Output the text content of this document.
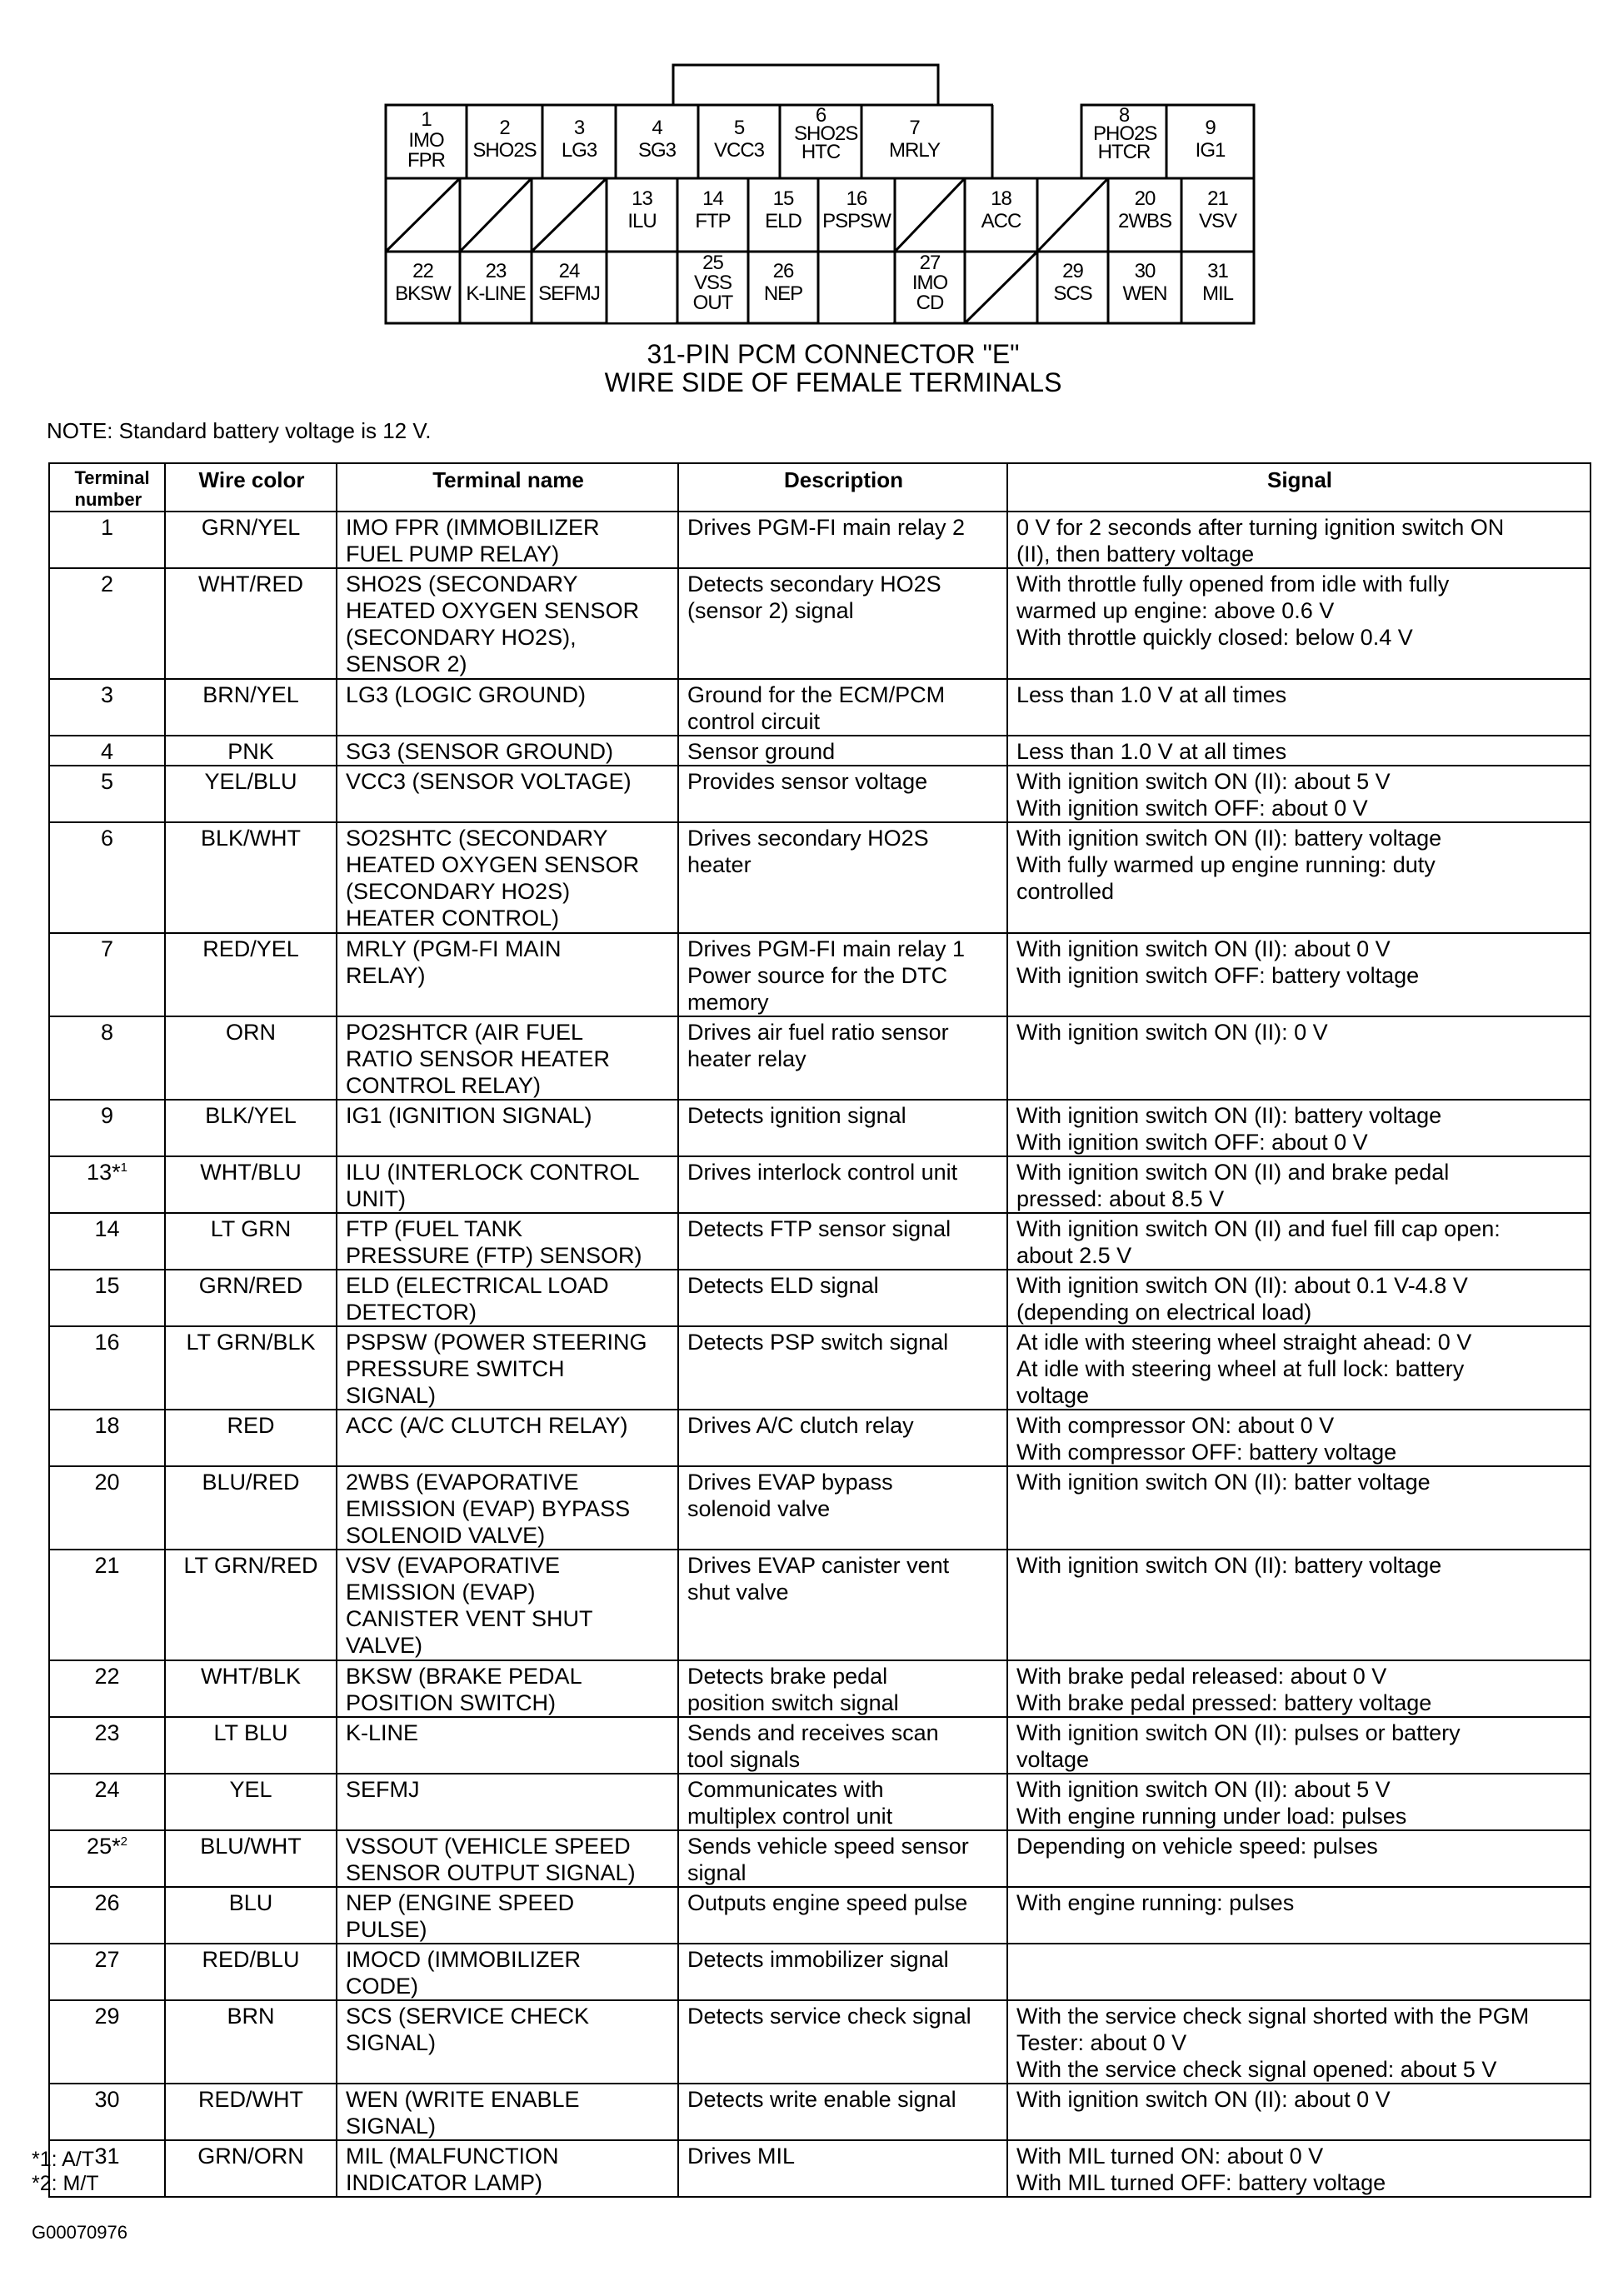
1
IMO FPR
2
SHO2S
3
LG3
4
SG3
5
VCC3
6
SHO2S HTC
7
MRLY
8
PHO2S HTCR
9
IG1
13
ILU
14
FTP
15
ELD
16
PSPSW
18
ACC
20
2WBS
21
VSV
22
BKSW
23
K-LINE
24
SEFMJ
25
VSS OUT
26
NEP
27
IMO CD
29
SCS
30
WEN
31
MIL
31-PIN PCM CONNECTOR "E"
WIRE SIDE OF FEMALE TERMINALS
NOTE: Standard battery voltage is 12 V.
Terminal number	Wire color	Terminal name	Description	Signal
1	GRN/YEL	IMO FPR (IMMOBILIZER
FUEL PUMP RELAY)	Drives PGM-FI main relay 2	0 V for 2 seconds after turning ignition switch ON
(II), then battery voltage

2	WHT/RED	SHO2S (SECONDARY
HEATED OXYGEN SENSOR
(SECONDARY HO2S),
SENSOR 2)	Detects secondary HO2S
(sensor 2) signal	With throttle fully opened from idle with fully
warmed up engine: above 0.6 V
With throttle quickly closed: below 0.4 V

3	BRN/YEL	LG3 (LOGIC GROUND)	Ground for the ECM/PCM
control circuit	Less than 1.0 V at all times

4	PNK	SG3 (SENSOR GROUND)	Sensor ground	Less than 1.0 V at all times

5	YEL/BLU	VCC3 (SENSOR VOLTAGE)	Provides sensor voltage	With ignition switch ON (II): about 5 V
With ignition switch OFF: about 0 V

6	BLK/WHT	SO2SHTC (SECONDARY
HEATED OXYGEN SENSOR
(SECONDARY HO2S)
HEATER CONTROL)	Drives secondary HO2S
heater	With ignition switch ON (II): battery voltage
With fully warmed up engine running: duty
controlled

7	RED/YEL	MRLY (PGM-FI MAIN
RELAY)	Drives PGM-FI main relay 1
Power source for the DTC
memory	With ignition switch ON (II): about 0 V
With ignition switch OFF: battery voltage

8	ORN	PO2SHTCR (AIR FUEL
RATIO SENSOR HEATER
CONTROL RELAY)	Drives air fuel ratio sensor
heater relay	With ignition switch ON (II): 0 V

9	BLK/YEL	IG1 (IGNITION SIGNAL)	Detects ignition signal	With ignition switch ON (II): battery voltage
With ignition switch OFF: about 0 V

13*$^1$	WHT/BLU	ILU (INTERLOCK CONTROL
UNIT)	Drives interlock control unit	With ignition switch ON (II) and brake pedal
pressed: about 8.5 V

14	LT GRN	FTP (FUEL TANK
PRESSURE (FTP) SENSOR)	Detects FTP sensor signal	With ignition switch ON (II) and fuel fill cap open:
about 2.5 V

15	GRN/RED	ELD (ELECTRICAL LOAD
DETECTOR)	Detects ELD signal	With ignition switch ON (II): about 0.1 V-4.8 V
(depending on electrical load)

16	LT GRN/BLK	PSPSW (POWER STEERING
PRESSURE SWITCH
SIGNAL)	Detects PSP switch signal	At idle with steering wheel straight ahead: 0 V
At idle with steering wheel at full lock: battery
voltage

18	RED	ACC (A/C CLUTCH RELAY)	Drives A/C clutch relay	With compressor ON: about 0 V
With compressor OFF: battery voltage

20	BLU/RED	2WBS (EVAPORATIVE
EMISSION (EVAP) BYPASS
SOLENOID VALVE)	Drives EVAP bypass
solenoid valve	With ignition switch ON (II): batter voltage

21	LT GRN/RED	VSV (EVAPORATIVE
EMISSION (EVAP)
CANISTER VENT SHUT
VALVE)	Drives EVAP canister vent
shut valve	With ignition switch ON (II): battery voltage

22	WHT/BLK	BKSW (BRAKE PEDAL
POSITION SWITCH)	Detects brake pedal
position switch signal	With brake pedal released: about 0 V
With brake pedal pressed: battery voltage

23	LT BLU	K-LINE	Sends and receives scan
tool signals	With ignition switch ON (II): pulses or battery
voltage

24	YEL	SEFMJ	Communicates with
multiplex control unit	With ignition switch ON (II): about 5 V
With engine running under load: pulses

25*$^2$	BLU/WHT	VSSOUT (VEHICLE SPEED
SENSOR OUTPUT SIGNAL)	Sends vehicle speed sensor
signal	Depending on vehicle speed: pulses

26	BLU	NEP (ENGINE SPEED
PULSE)	Outputs engine speed pulse	With engine running: pulses

27	RED/BLU	IMOCD (IMMOBILIZER
CODE)	Detects immobilizer signal	

29	BRN	SCS (SERVICE CHECK
SIGNAL)	Detects service check signal	With the service check signal shorted with the PGM
Tester: about 0 V
With the service check signal opened: about 5 V

30	RED/WHT	WEN (WRITE ENABLE
SIGNAL)	Detects write enable signal	With ignition switch ON (II): about 0 V

31	GRN/ORN	MIL (MALFUNCTION
INDICATOR LAMP)	Drives MIL	With MIL turned ON: about 0 V
With MIL turned OFF: battery voltage
*1: A/T
*2: M/T
G00070976
